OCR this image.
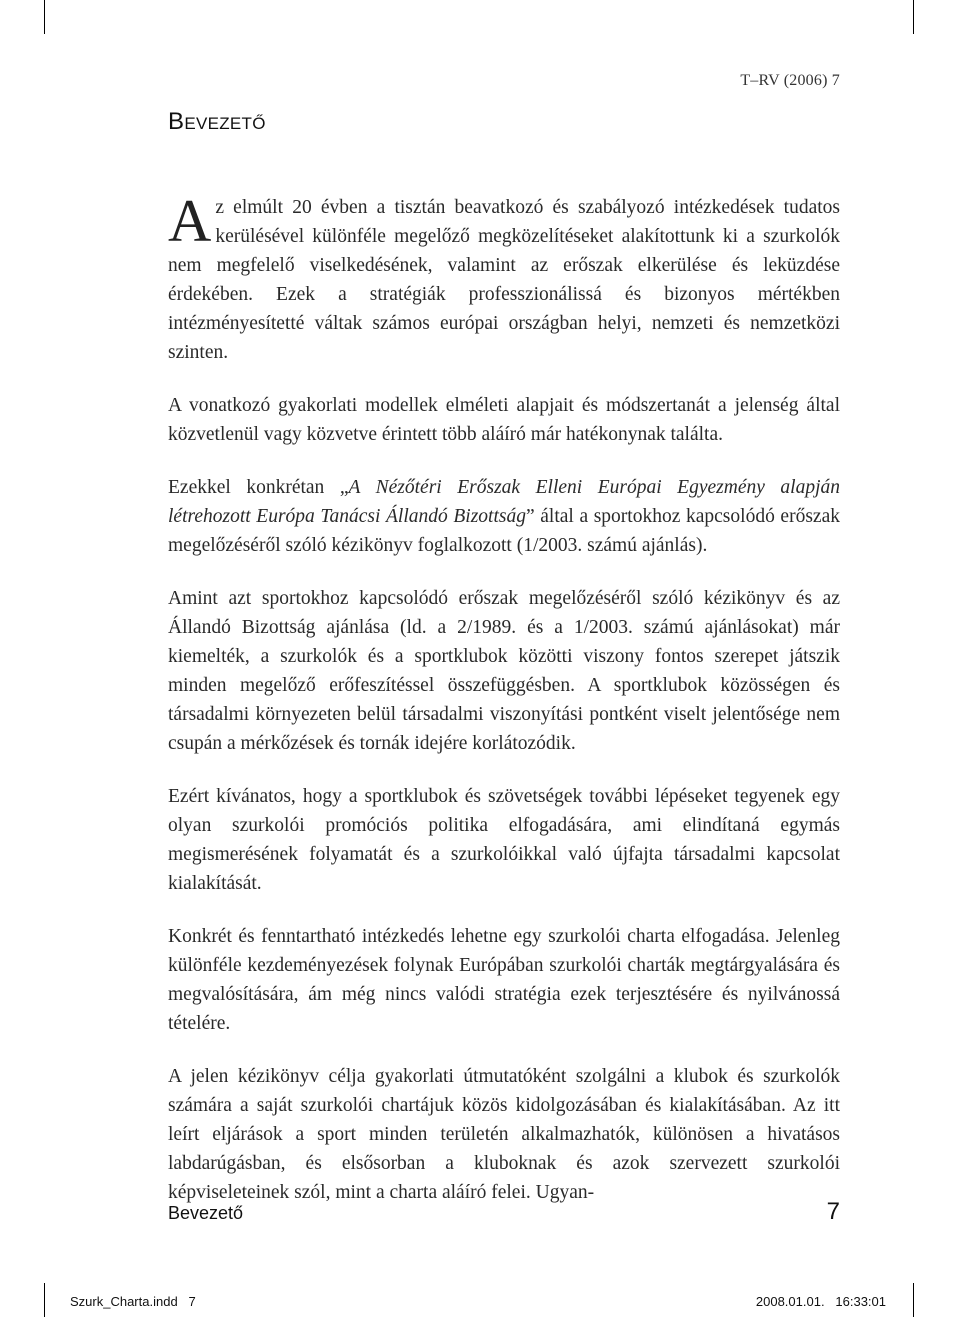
T–RV (2006) 7
BEVEZETŐ

Az elmúlt 20 évben a tisztán beavatkozó és szabályozó intézkedések tudatos kerülésével különféle megelőző megközelítéseket alakítottunk ki a szurkolók nem megfelelő viselkedésének, valamint az erőszak elkerülése és leküzdése érdekében. Ezek a stratégiák professzionálissá és bizonyos mértékben intézményesítetté váltak számos európai országban helyi, nemzeti és nemzetközi szinten.

A vonatkozó gyakorlati modellek elméleti alapjait és módszertanát a jelenség által közvetlenül vagy közvetve érintett több aláíró már hatékonynak találta.

Ezekkel konkrétan „A Nézőtéri Erőszak Elleni Európai Egyezmény alapján létrehozott Európa Tanácsi Állandó Bizottság” által a sportokhoz kapcsolódó erőszak megelőzéséről szóló kézikönyv foglalkozott (1/2003. számú ajánlás).

Amint azt sportokhoz kapcsolódó erőszak megelőzéséről szóló kézikönyv és az Állandó Bizottság ajánlása (ld. a 2/1989. és a 1/2003. számú ajánlásokat) már kiemelték, a szurkolók és a sportklubok közötti viszony fontos szerepet játszik minden megelőző erőfeszítéssel összefüggésben. A sportklubok közösségen és társadalmi környezeten belül társadalmi viszonyítási pontként viselt jelentősége nem csupán a mérkőzések és tornák idejére korlátozódik.

Ezért kívánatos, hogy a sportklubok és szövetségek további lépéseket tegyenek egy olyan szurkolói promóciós politika elfogadására, ami elindítaná egymás megismerésének folyamatát és a szurkolóikkal való újfajta társadalmi kapcsolat kialakítását.

Konkrét és fenntartható intézkedés lehetne egy szurkolói charta elfogadása. Jelenleg különféle kezdeményezések folynak Európában szurkolói charták megtárgyalására és megvalósítására, ám még nincs valódi stratégia ezek terjesztésére és nyilvánossá tételére.

A jelen kézikönyv célja gyakorlati útmutatóként szolgálni a klubok és szurkolók számára a saját szurkolói chartájuk közös kidolgozásában és kialakításában. Az itt leírt eljárások a sport minden területén alkalmazhatók, különösen a hivatásos labdarúgásban, és elsősorban a kluboknak és azok szervezett szurkolói képviseleteinek szól, mint a charta aláíró felei. Ugyan-

Bevezető	7
Szurk_Charta.indd   7	2008.01.01.   16:33:01
